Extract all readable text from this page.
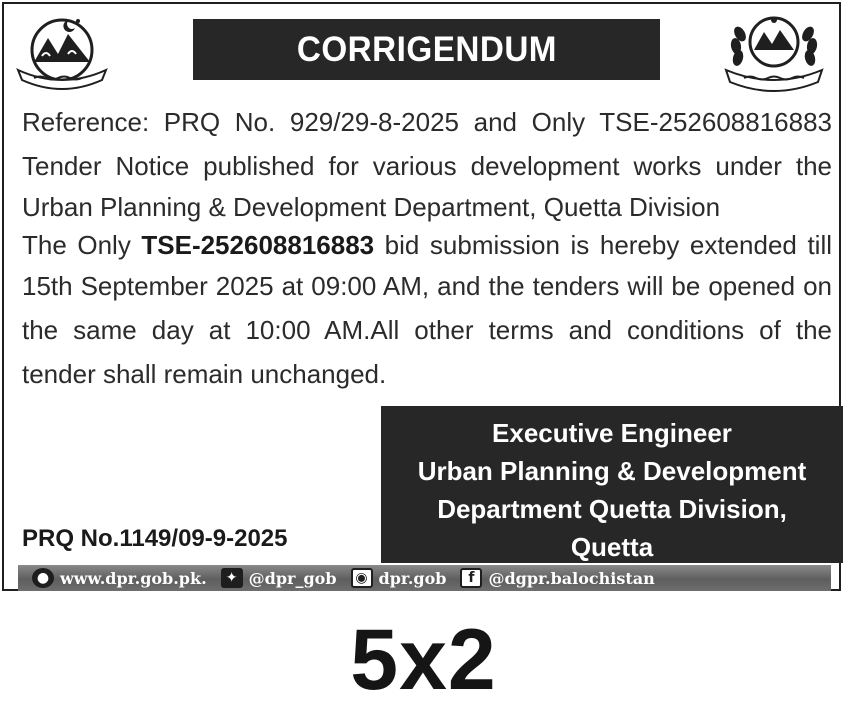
CORRIGENDUM
Reference: PRQ No. 929/29-8-2025 and Only TSE-252608816883
Tender Notice published for various development works under the
Urban Planning & Development Department, Quetta Division
The Only TSE-252608816883 bid submission is hereby extended till
15th September 2025 at 09:00 AM, and the tenders will be opened on
the same day at 10:00 AM.All other terms and conditions of the
tender shall remain unchanged.
PRQ No.1149/09-9-2025
Executive Engineer
Urban Planning & Development
Department Quetta Division,
Quetta
● www.dpr.gob.pk.	✦ @dpr_gob	◉ dpr.gob	f @dgpr.balochistan
5x2
